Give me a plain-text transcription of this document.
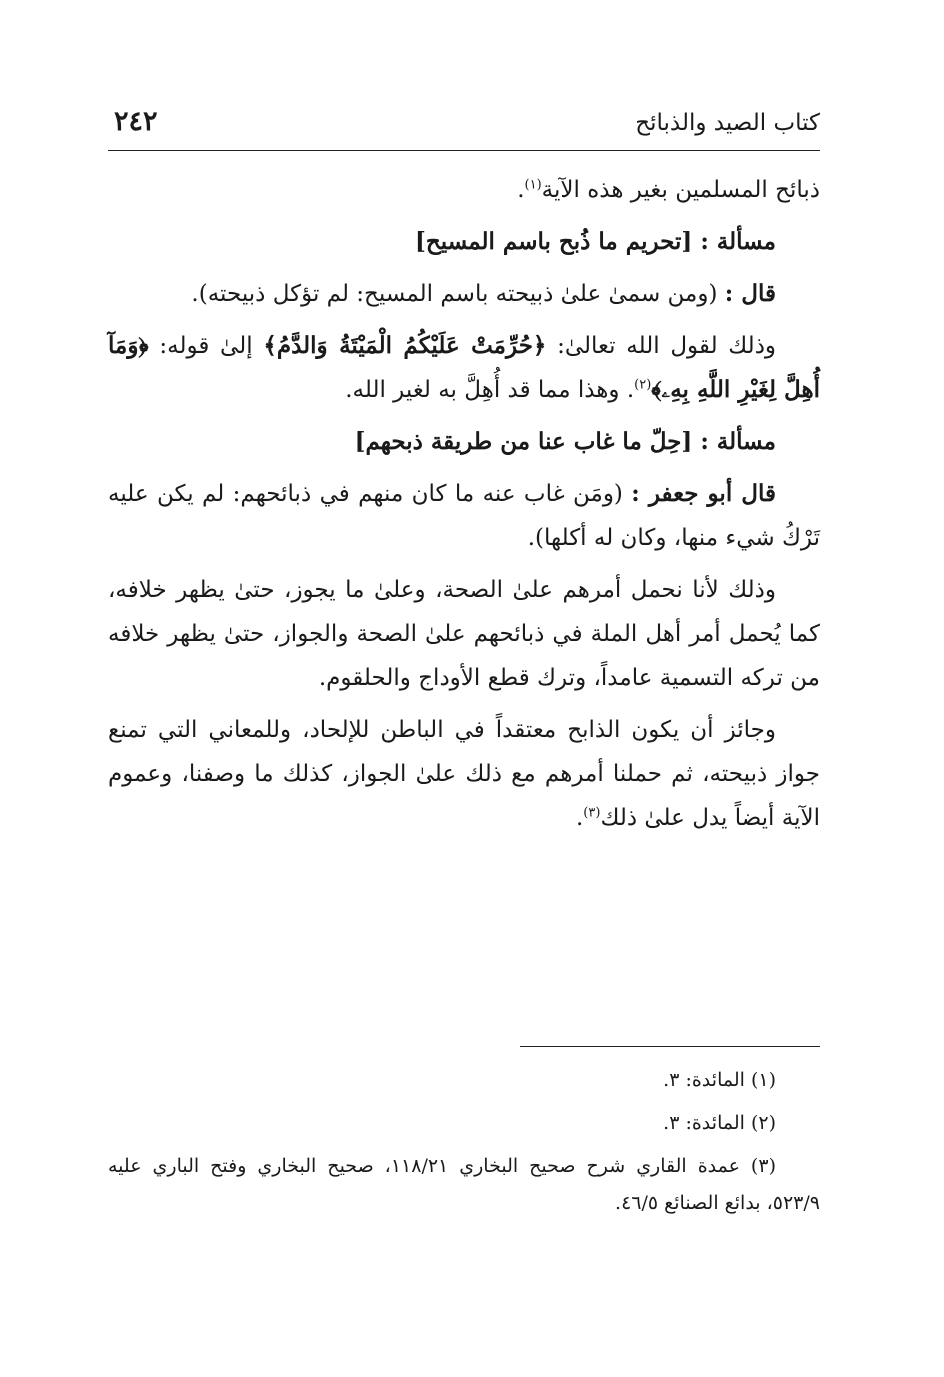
كتاب الصيد والذبائح
٢٤٢

ذبائح المسلمين بغير هذه الآية$^{(١)}$.

مسألة : [تحريم ما ذُبح باسم المسيح]

قال : (ومن سمىٰ علىٰ ذبيحته باسم المسيح: لم تؤكل ذبيحته).

وذلك لقول الله تعالىٰ: ﴿حُرِّمَتْ عَلَيْكُمُ الْمَيْتَةُ وَالدَّمُ﴾ إلىٰ قوله: ﴿وَمَآ أُهِلَّ لِغَيْرِ اللَّهِ بِهِۦ﴾$^{(٢)}$. وهذا مما قد أُهِلَّ به لغير الله.

مسألة : [حِلّ ما غاب عنا من طريقة ذبحهم]

قال أبو جعفر : (ومَن غاب عنه ما كان منهم في ذبائحهم: لم يكن عليه تَرْكُ شيء منها، وكان له أكلها).

وذلك لأنا نحمل أمرهم علىٰ الصحة، وعلىٰ ما يجوز، حتىٰ يظهر خلافه، كما يُحمل أمر أهل الملة في ذبائحهم علىٰ الصحة والجواز، حتىٰ يظهر خلافه من تركه التسمية عامداً، وترك قطع الأوداج والحلقوم.

وجائز أن يكون الذابح معتقداً في الباطن للإلحاد، وللمعاني التي تمنع جواز ذبيحته، ثم حملنا أمرهم مع ذلك علىٰ الجواز، كذلك ما وصفنا، وعموم الآية أيضاً يدل علىٰ ذلك$^{(٣)}$.

(١) المائدة: ٣.

(٢) المائدة: ٣.

(٣) عمدة القاري شرح صحيح البخاري ١١٨/٢١، صحيح البخاري وفتح الباري عليه ٥٢٣/٩، بدائع الصنائع ٤٦/٥.
